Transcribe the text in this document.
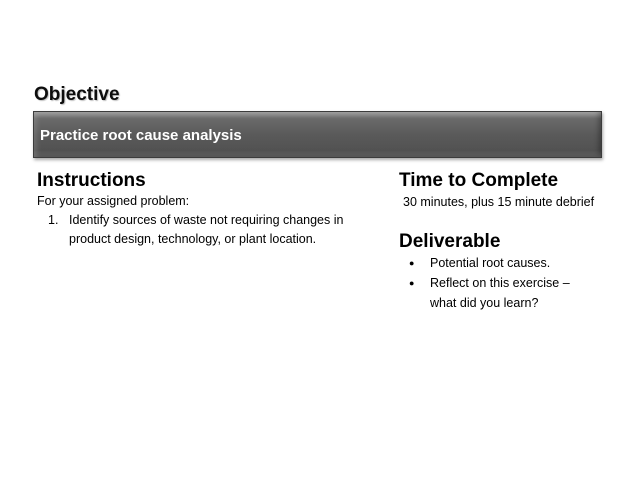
Objective
Practice root cause analysis
Instructions
For your assigned problem:
1. Identify sources of waste not requiring changes in
product design, technology, or plant location.
Time to Complete
30 minutes, plus 15 minute debrief
Deliverable
● Potential root causes.
● Reflect on this exercise –
what did you learn?
